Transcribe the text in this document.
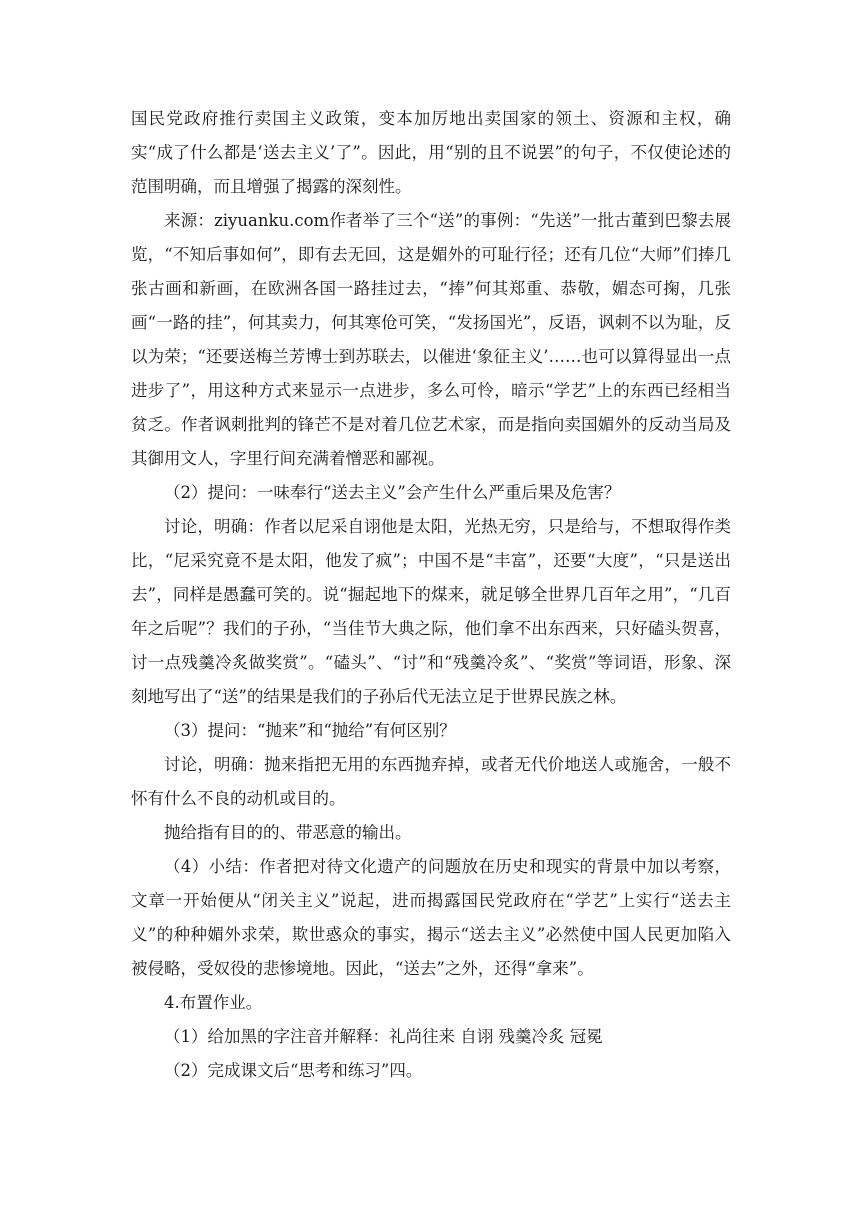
国民党政府推行卖国主义政策，变本加厉地出卖国家的领土、资源和主权，确实“成了什么都是‘送去主义’了”。因此，用“别的且不说罢”的句子，不仅使论述的范围明确，而且增强了揭露的深刻性。

来源：ziyuanku.com作者举了三个“送”的事例：“先送”一批古董到巴黎去展览，“不知后事如何”，即有去无回，这是媚外的可耻行径；还有几位“大师”们捧几张古画和新画，在欧洲各国一路挂过去，“捧”何其郑重、恭敬，媚态可掬，几张画“一路的挂”，何其卖力，何其寒伧可笑，“发扬国光”，反语，讽刺不以为耻，反以为荣；“还要送梅兰芳博士到苏联去，以催进‘象征主义’……也可以算得显出一点进步了”，用这种方式来显示一点进步，多么可怜，暗示“学艺”上的东西已经相当贫乏。作者讽刺批判的锋芒不是对着几位艺术家，而是指向卖国媚外的反动当局及其御用文人，字里行间充满着憎恶和鄙视。

（2）提问：一味奉行“送去主义”会产生什么严重后果及危害？

讨论，明确：作者以尼采自诩他是太阳，光热无穷，只是给与，不想取得作类比，“尼采究竟不是太阳，他发了疯”；中国不是“丰富”，还要“大度”，“只是送出去”，同样是愚蠢可笑的。说“掘起地下的煤来，就足够全世界几百年之用”，“几百年之后呢”？我们的子孙，“当佳节大典之际，他们拿不出东西来，只好磕头贺喜，讨一点残羹冷炙做奖赏”。“磕头”、“讨”和“残羹冷炙”、“奖赏”等词语，形象、深刻地写出了“送”的结果是我们的子孙后代无法立足于世界民族之林。

（3）提问：“抛来”和“抛给”有何区别？

讨论，明确：抛来指把无用的东西抛弃掉，或者无代价地送人或施舍，一般不怀有什么不良的动机或目的。

抛给指有目的的、带恶意的输出。

（4）小结：作者把对待文化遗产的问题放在历史和现实的背景中加以考察，文章一开始便从“闭关主义”说起，进而揭露国民党政府在“学艺”上实行“送去主义”的种种媚外求荣，欺世惑众的事实，揭示“送去主义”必然使中国人民更加陷入被侵略，受奴役的悲惨境地。因此，“送去”之外，还得“拿来”。

4.布置作业。

（1）给加黑的字注音并解释：礼尚往来 自诩 残羹冷炙 冠冕

（2）完成课文后“思考和练习”四。
